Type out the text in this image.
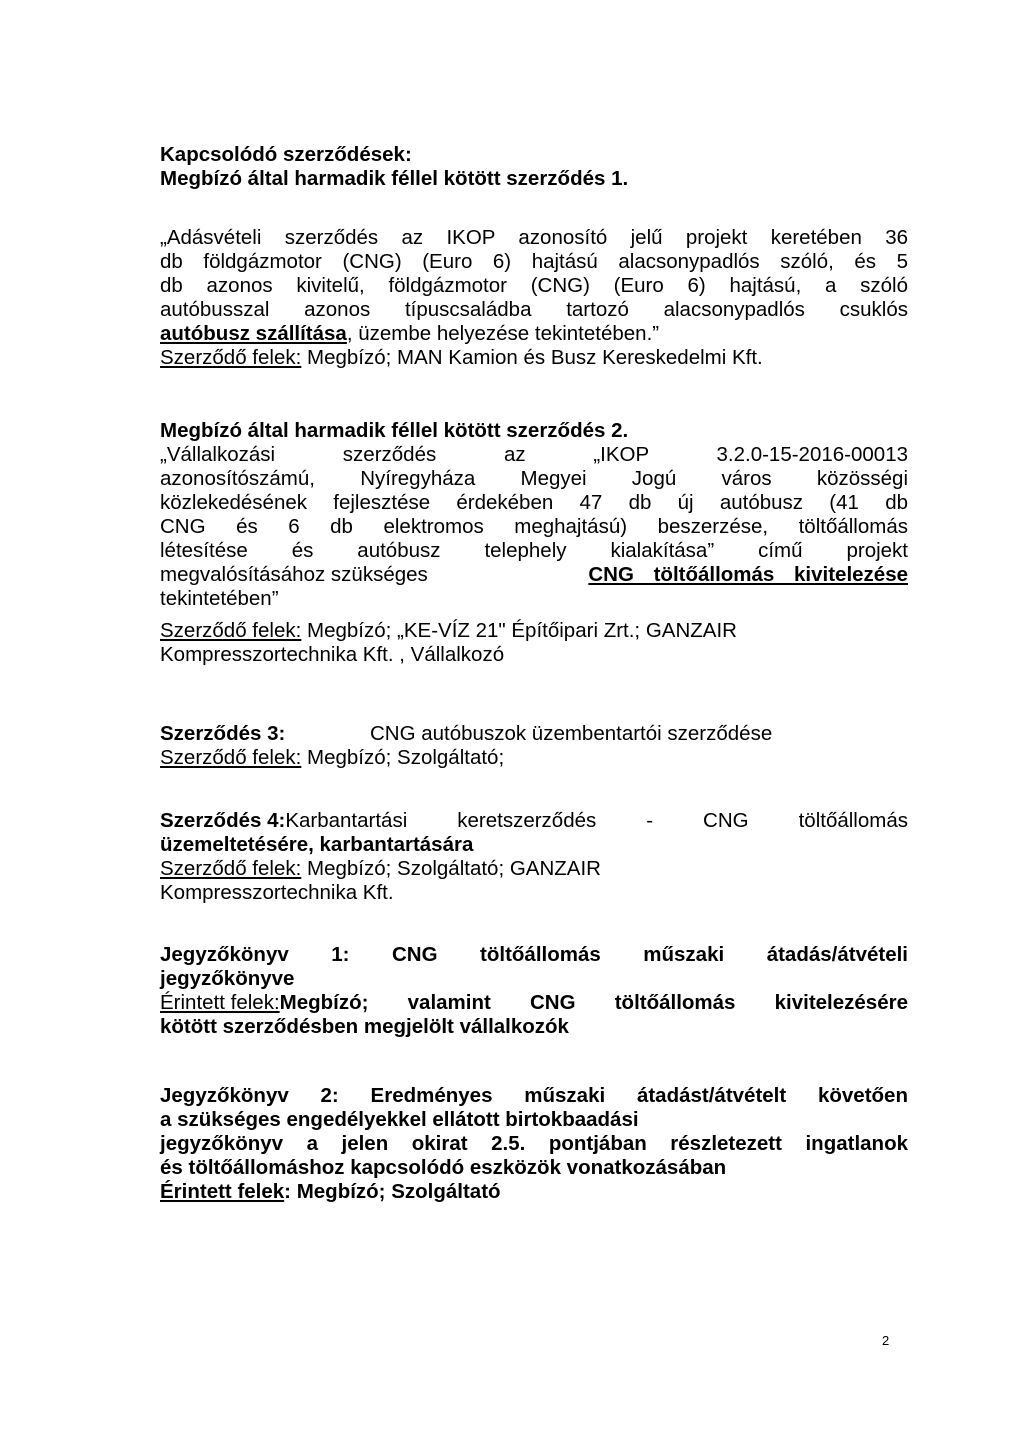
Kapcsolódó szerződések:
Megbízó által harmadik féllel kötött szerződés 1.
„Adásvételi szerződés az IKOP azonosító jelű projekt keretében 36
db földgázmotor (CNG) (Euro 6) hajtású alacsonypadlós szóló, és 5
db azonos kivitelű, földgázmotor (CNG) (Euro 6) hajtású, a szóló
autóbusszal azonos típuscsaládba tartozó alacsonypadlós csuklós
autóbusz szállítása, üzembe helyezése tekintetében.”
Szerződő felek: Megbízó; MAN Kamion és Busz Kereskedelmi Kft.
Megbízó által harmadik féllel kötött szerződés 2.
„Vállalkozási szerződés az „IKOP 3.2.0-15-2016-00013
azonosítószámú, Nyíregyháza Megyei Jogú város közösségi
közlekedésének fejlesztése érdekében 47 db új autóbusz (41 db
CNG és 6 db elektromos meghajtású) beszerzése, töltőállomás
létesítése és autóbusz telephely kialakítása” című projekt
megvalósításához szükséges	CNG töltőállomás kivitelezése
tekintetében”
Szerződő felek: Megbízó; „KE-VÍZ 21" Építőipari Zrt.; GANZAIR
Kompresszortechnika Kft. , Vállalkozó
Szerződés 3:	CNG autóbuszok üzembentartói szerződése
Szerződő felek: Megbízó; Szolgáltató;
Szerződés 4: Karbantartási keretszerződés - CNG töltőállomás
üzemeltetésére, karbantartására
Szerződő felek: Megbízó; Szolgáltató; GANZAIR
Kompresszortechnika Kft.
Jegyzőkönyv 1: CNG töltőállomás műszaki átadás/átvételi
jegyzőkönyve
Érintett felek: Megbízó; valamint CNG töltőállomás kivitelezésére
kötött szerződésben megjelölt vállalkozók
Jegyzőkönyv 2: Eredményes műszaki átadást/átvételt követően
a szükséges engedélyekkel ellátott birtokbaadási
jegyzőkönyv a jelen okirat 2.5. pontjában részletezett ingatlanok
és töltőállomáshoz kapcsolódó eszközök vonatkozásában
Érintett felek: Megbízó; Szolgáltató
2
